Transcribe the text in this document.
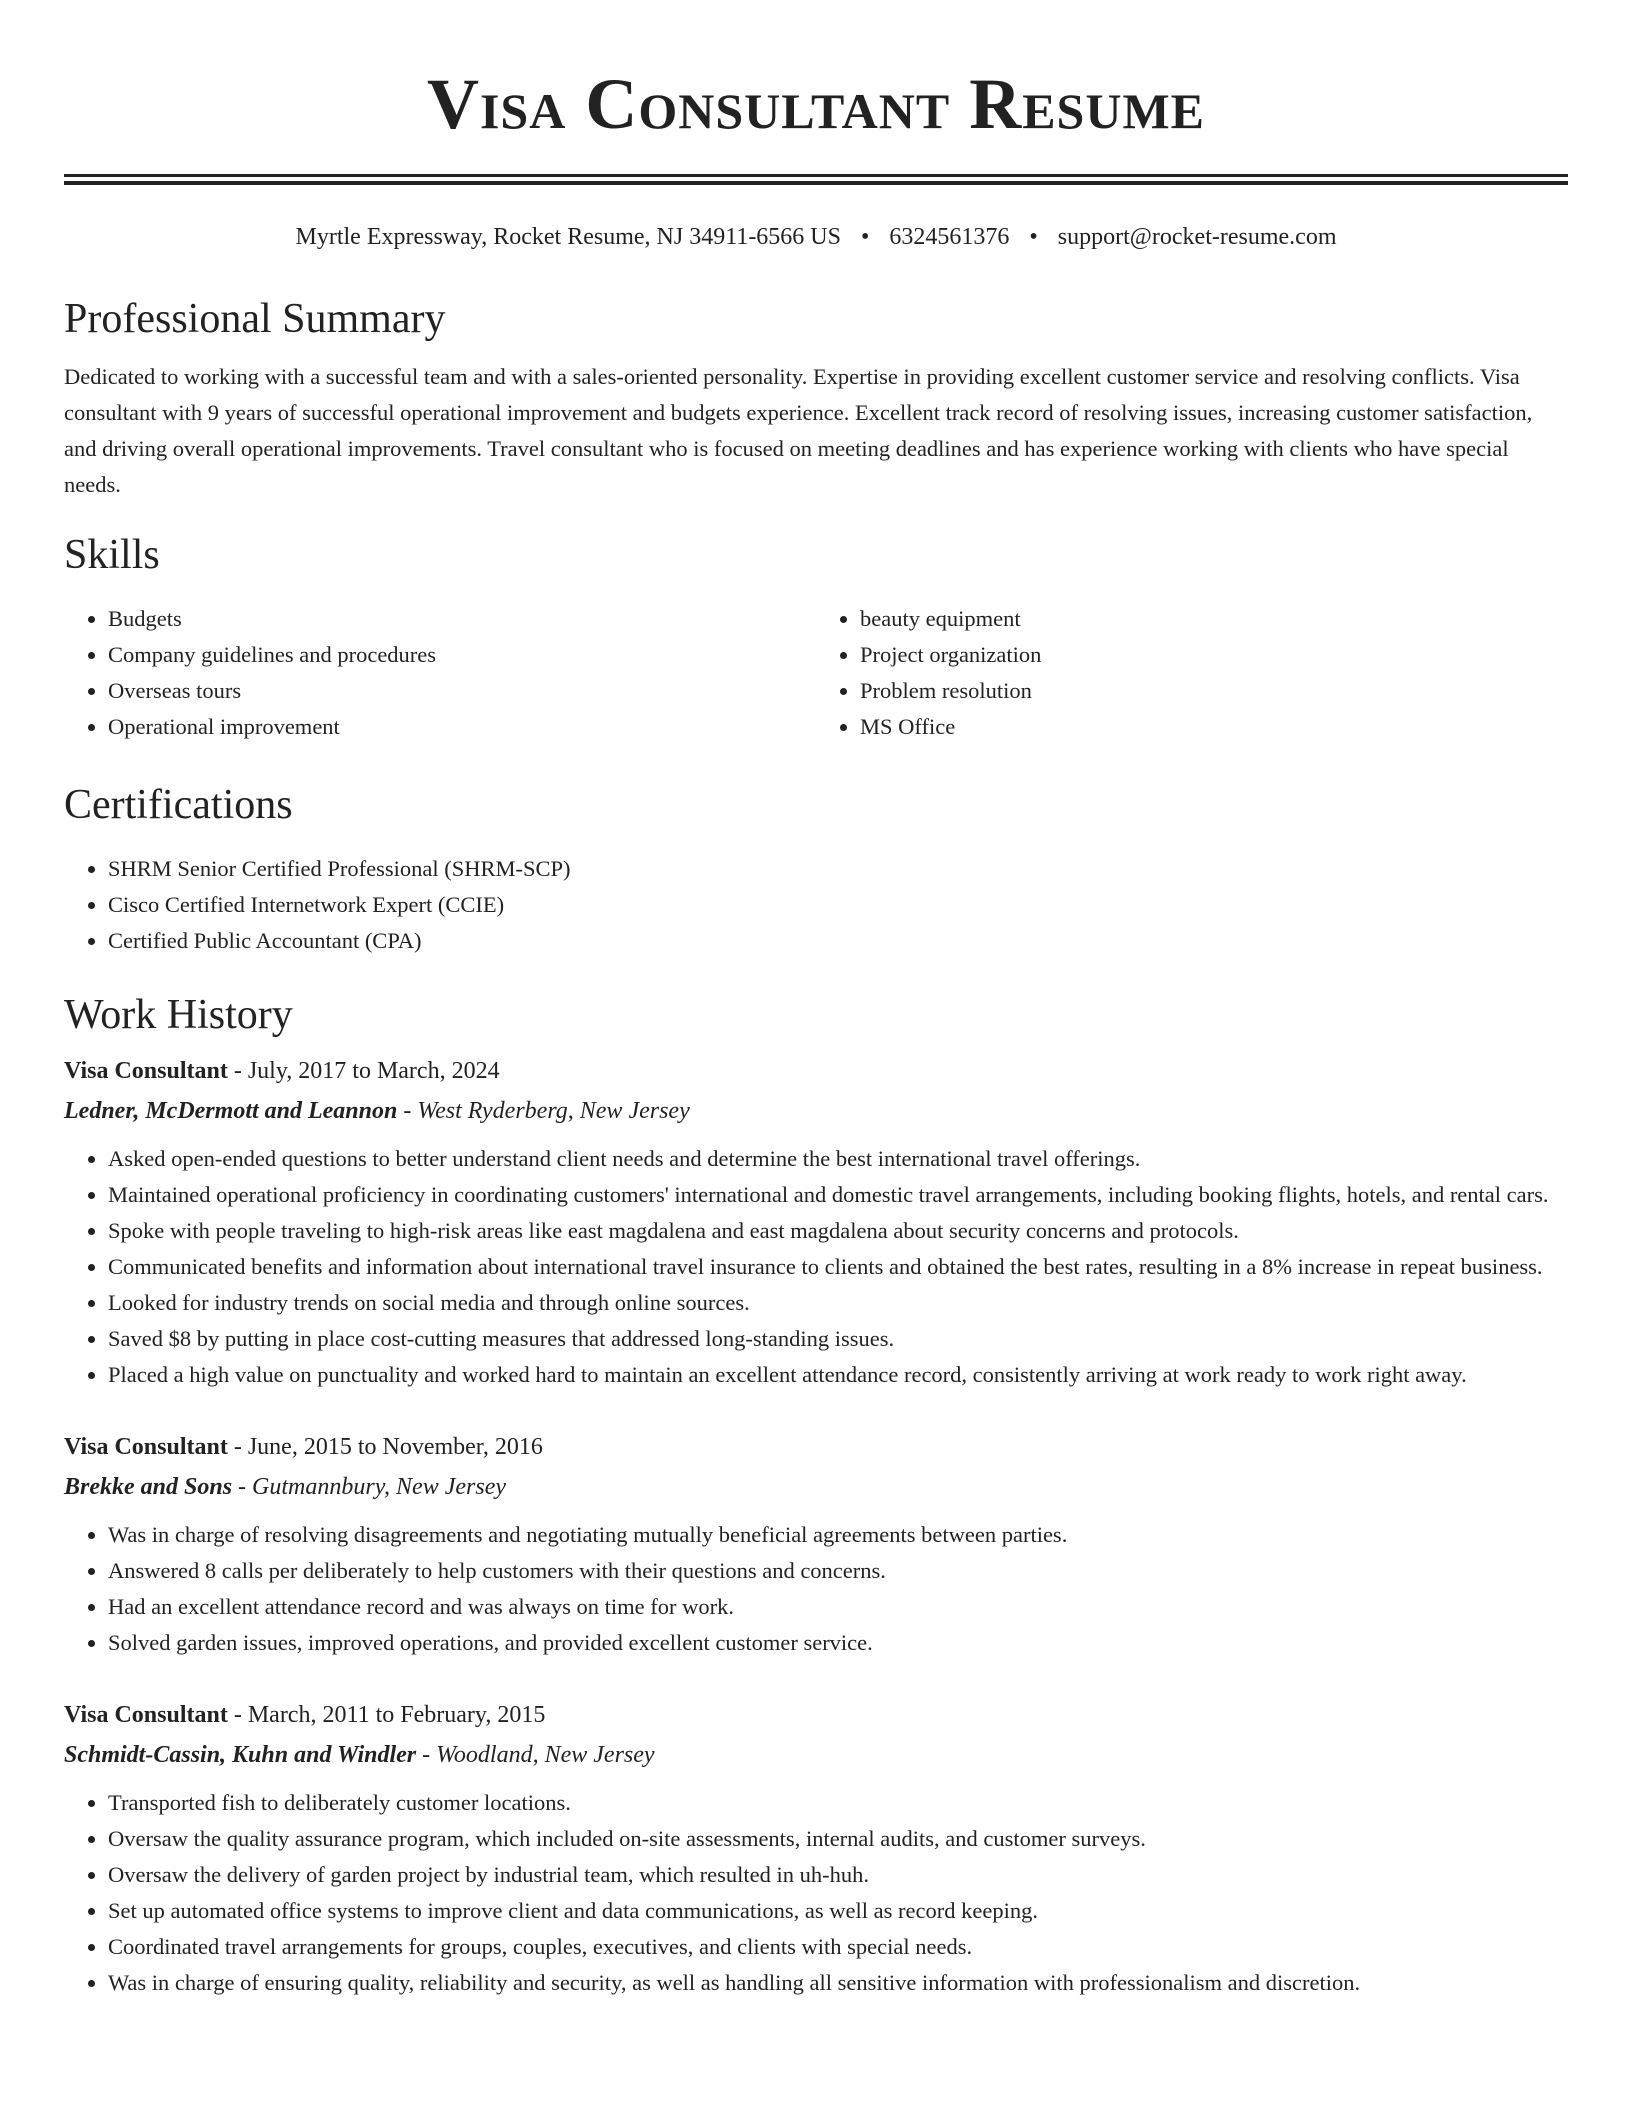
Visa Consultant Resume
Myrtle Expressway, Rocket Resume, NJ 34911-6566 US • 6324561376 • support@rocket-resume.com
Professional Summary
Dedicated to working with a successful team and with a sales-oriented personality. Expertise in providing excellent customer service and resolving conflicts. Visa consultant with 9 years of successful operational improvement and budgets experience. Excellent track record of resolving issues, increasing customer satisfaction, and driving overall operational improvements. Travel consultant who is focused on meeting deadlines and has experience working with clients who have special needs.
Skills
• Budgets
• Company guidelines and procedures
• Overseas tours
• Operational improvement
• beauty equipment
• Project organization
• Problem resolution
• MS Office
Certifications
• SHRM Senior Certified Professional (SHRM-SCP)
• Cisco Certified Internetwork Expert (CCIE)
• Certified Public Accountant (CPA)
Work History
Visa Consultant - July, 2017 to March, 2024
Ledner, McDermott and Leannon - West Ryderberg, New Jersey
• Asked open-ended questions to better understand client needs and determine the best international travel offerings.
• Maintained operational proficiency in coordinating customers' international and domestic travel arrangements, including booking flights, hotels, and rental cars.
• Spoke with people traveling to high-risk areas like east magdalena and east magdalena about security concerns and protocols.
• Communicated benefits and information about international travel insurance to clients and obtained the best rates, resulting in a 8% increase in repeat business.
• Looked for industry trends on social media and through online sources.
• Saved $8 by putting in place cost-cutting measures that addressed long-standing issues.
• Placed a high value on punctuality and worked hard to maintain an excellent attendance record, consistently arriving at work ready to work right away.
Visa Consultant - June, 2015 to November, 2016
Brekke and Sons - Gutmannbury, New Jersey
• Was in charge of resolving disagreements and negotiating mutually beneficial agreements between parties.
• Answered 8 calls per deliberately to help customers with their questions and concerns.
• Had an excellent attendance record and was always on time for work.
• Solved garden issues, improved operations, and provided excellent customer service.
Visa Consultant - March, 2011 to February, 2015
Schmidt-Cassin, Kuhn and Windler - Woodland, New Jersey
• Transported fish to deliberately customer locations.
• Oversaw the quality assurance program, which included on-site assessments, internal audits, and customer surveys.
• Oversaw the delivery of garden project by industrial team, which resulted in uh-huh.
• Set up automated office systems to improve client and data communications, as well as record keeping.
• Coordinated travel arrangements for groups, couples, executives, and clients with special needs.
• Was in charge of ensuring quality, reliability and security, as well as handling all sensitive information with professionalism and discretion.
